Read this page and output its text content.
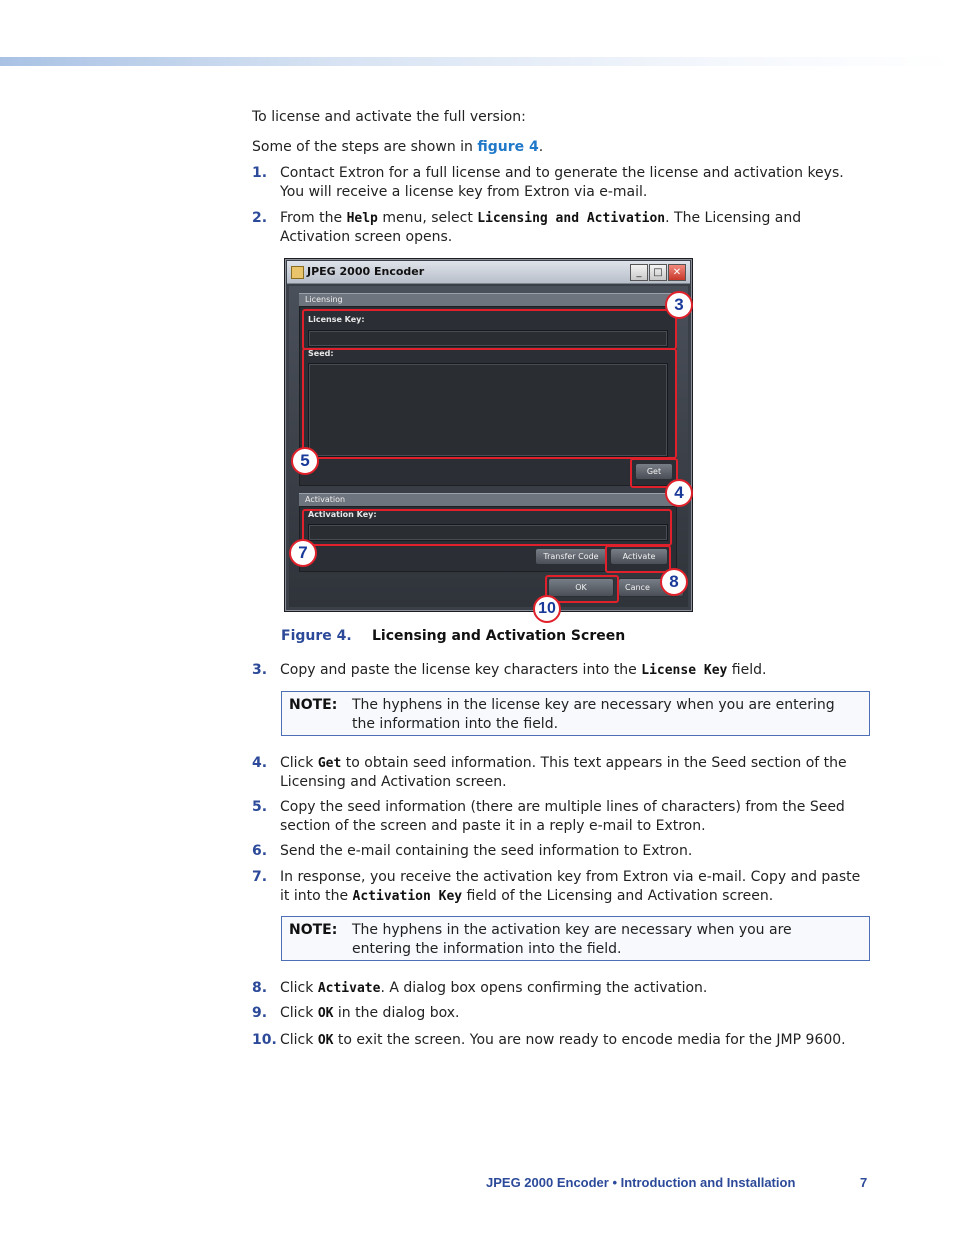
To license and activate the full version:
Some of the steps are shown in figure 4.
1. Contact Extron for a full license and to generate the license and activation keys. You will receive a license key from Extron via e-mail.
2. From the Help menu, select Licensing and Activation. The Licensing and Activation screen opens.
JPEG 2000 Encoder	_	□	✕
Licensing
License Key:
Seed:
Get
Activation
Activation Key:
Transfer Code	Activate
OK	Cance
3
5
4
7
8
10
Figure 4. Licensing and Activation Screen
3. Copy and paste the license key characters into the License Key field.
NOTE: The hyphens in the license key are necessary when you are entering the information into the field.
4. Click Get to obtain seed information. This text appears in the Seed section of the Licensing and Activation screen.
5. Copy the seed information (there are multiple lines of characters) from the Seed section of the screen and paste it in a reply e-mail to Extron.
6. Send the e-mail containing the seed information to Extron.
7. In response, you receive the activation key from Extron via e-mail. Copy and paste it into the Activation Key field of the Licensing and Activation screen.
NOTE: The hyphens in the activation key are necessary when you are entering the information into the field.
8. Click Activate. A dialog box opens confirming the activation.
9. Click OK in the dialog box.
10. Click OK to exit the screen. You are now ready to encode media for the JMP 9600.
JPEG 2000 Encoder • Introduction and Installation	7
